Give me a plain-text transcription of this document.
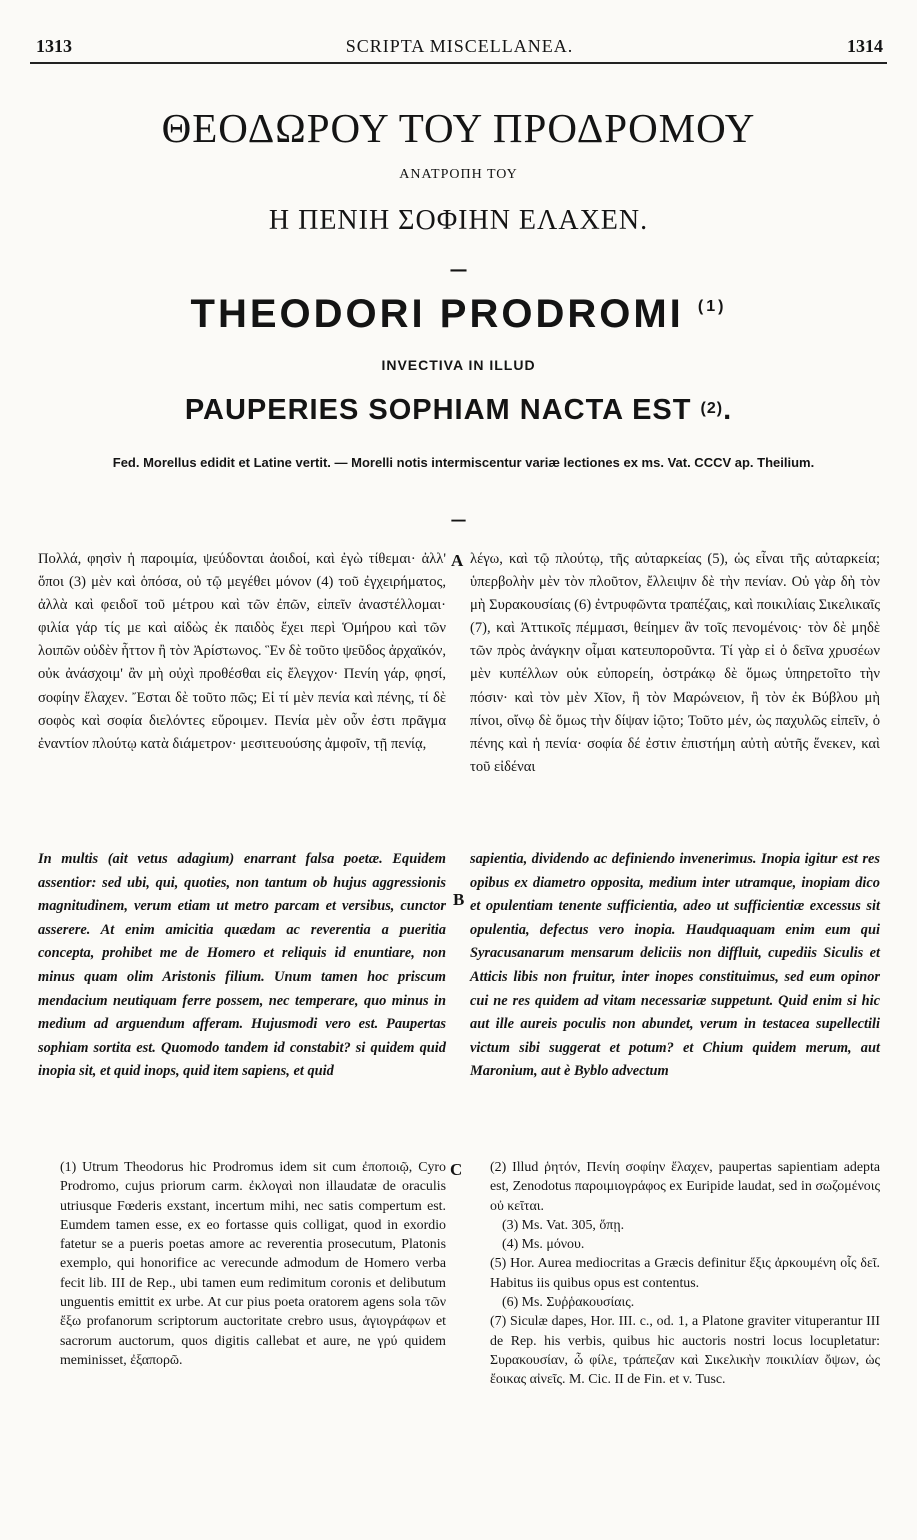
1313	SCRIPTA MISCELLANEA.	1314
ΘΕΟΔΩΡΟΥ ΤΟΥ ΠΡΟΔΡΟΜΟΥ
ΑΝΑΤΡΟΠΗ ΤΟΥ
Η ΠΕΝΙΗ ΣΟΦΙΗΝ ΕΛΑΧΕΝ.
—
THEODORI PRODROMI $^{(1)}$
INVECTIVA IN ILLUD
PAUPERIES SOPHIAM NACTA EST $^{(2)}$.
Fed. Morellus edidit et Latine vertit. — Morelli notis intermiscentur variæ lectiones ex ms. Vat. CCCV ap. Theilium.
—
Πολλά, φησὶν ἡ παροιμία, ψεύδονται ἀοιδοί, καὶ ἐγὼ τίθεμαι· ἀλλ' ὅποι (3) μὲν καὶ ὁπόσα, οὐ τῷ μεγέθει μόνον (4) τοῦ ἐγχειρήματος, ἀλλὰ καὶ φειδοῖ τοῦ μέτρου καὶ τῶν ἐπῶν, εἰπεῖν ἀναστέλλομαι· φιλία γάρ τίς με καὶ αἰδὼς ἐκ παιδὸς ἔχει περὶ Ὁμήρου καὶ τῶν λοιπῶν οὐδὲν ἧττον ἢ τὸν Ἀρίστωνος. Ἓν δὲ τοῦτο ψεῦδος ἀρχαϊκόν, οὐκ ἀνάσχοιμ' ἂν μὴ οὐχὶ προθέσθαι εἰς ἔλεγχον· Πενίη γάρ, φησί, σοφίην ἔλαχεν. Ἔσται δὲ τοῦτο πῶς; Εἰ τί μὲν πενία καὶ πένης, τί δὲ σοφὸς καὶ σοφία διελόντες εὕροιμεν. Πενία μὲν οὖν ἐστι πρᾶγμα ἐναντίον πλούτῳ κατὰ διάμετρον· μεσιτευούσης ἀμφοῖν, τῇ πενίᾳ,
A λέγω, καὶ τῷ πλούτῳ, τῆς αὐταρκείας (5), ὡς εἶναι τῆς αὐταρκεία; ὑπερβολὴν μὲν τὸν πλοῦτον, ἔλλειψιν δὲ τὴν πενίαν. Οὐ γὰρ δὴ τὸν μὴ Συρακουσίαις (6) ἐντρυφῶντα τραπέζαις, καὶ ποικιλίαις Σικελικαῖς (7), καὶ Ἀττικοῖς πέμμασι, θείημεν ἂν τοῖς πενομένοις· τὸν δὲ μηδὲ τῶν πρὸς ἀνάγκην οἶμαι κατευποροῦντα. Τί γὰρ εἰ ὁ δεῖνα χρυσέων μὲν κυπέλλων οὐκ εὐπορείη, ὀστράκῳ δὲ ὅμως ὑπηρετοῖτο τὴν πόσιν· καὶ τὸν μὲν Χῖον, ἢ τὸν Μαρώνειον, ἢ τὸν ἐκ Βύβλου μὴ πίνοι, οἴνῳ δὲ ὅμως τὴν δίψαν ἰῷτο; Τοῦτο μέν, ὡς παχυλῶς εἰπεῖν, ὁ πένης καὶ ἡ πενία· σοφία δέ ἐστιν ἐπιστήμη αὐτὴ αὑτῆς ἕνεκεν, καὶ τοῦ εἰδέναι
In multis (ait vetus adagium) enarrant falsa poetæ. Equidem assentior: sed ubi, qui, quoties, non tantum ob hujus aggressionis magnitudinem, verum etiam ut metro parcam et versibus, cunctor asserere. At enim amicitia quædam ac reverentia a pueritia concepta, prohibet me de Homero et reliquis id enuntiare, non minus quam olim Aristonis filium. Unum tamen hoc priscum mendacium neutiquam ferre possem, nec temperare, quo minus in medium ad arguendum afferam. Hujusmodi vero est. Paupertas sophiam sortita est. Quomodo tandem id constabit? si quidem quid inopia sit, et quid inops, quid item sapiens, et quid
B
sapientia, dividendo ac definiendo invenerimus. Inopia igitur est res opibus ex diametro opposita, medium inter utramque, inopiam dico et opulentiam tenente sufficientia, adeo ut sufficientiæ excessus sit opulentia, defectus vero inopia. Haudquaquam enim eum qui Syracusanarum mensarum deliciis non diffluit, cupediis Siculis et Atticis libis non fruitur, inter inopes constituimus, sed eum opinor cui ne res quidem ad vitam necessariæ suppetunt. Quid enim si hic aut ille aureis poculis non abundet, verum in testacea supellectili victum sibi suggerat et potum? et Chium quidem merum, aut Maronium, aut è Byblo advectum
(1) Utrum Theodorus hic Prodromus idem sit cum ἐποποιῷ, Cyro Prodromo, cujus priorum carm. ἐκλογαὶ non illaudatæ de oraculis utriusque Fœderis exstant, incertum mihi, nec satis compertum est. Eumdem tamen esse, ex eo fortasse quis colligat, quod in exordio fatetur se a pueris poetas amore ac reverentia prosecutum, Platonis exemplo, qui honorifice ac verecunde admodum de Homero verba fecit lib. III de Rep., ubi tamen eum redimitum coronis et delibutum unguentis emittit ex urbe. At cur pius poeta oratorem agens sola τῶν ἔξω profanorum scriptorum auctoritate crebro usus, ἁγιογράφων et sacrorum auctorum, quos digitis callebat et aure, ne γρύ quidem meminisset, ἐξαπορῶ.
C (2) Illud ῥητόν, Πενίη σοφίην ἔλαχεν, paupertas sapientiam adepta est, Zenodotus παροιμιογράφος ex Euripide laudat, sed in σωζομένοις οὐ κεῖται.

(3) Ms. Vat. 305, ὅπῃ.

(4) Ms. μόνου.

(5) Hor. Aurea mediocritas a Græcis definitur ἕξις ἀρκουμένη οἷς δεῖ. Habitus iis quibus opus est contentus.

(6) Ms. Συῤῥακουσίαις.

(7) Siculæ dapes, Hor. III. c., od. 1, a Platone graviter vituperantur III de Rep. his verbis, quibus hic auctoris nostri locus locupletatur: Συρακουσίαν, ὦ φίλε, τράπεζαν καὶ Σικελικὴν ποικιλίαν ὄψων, ὡς ἔοικας αἰνεῖς. M. Cic. II de Fin. et v. Tusc.
